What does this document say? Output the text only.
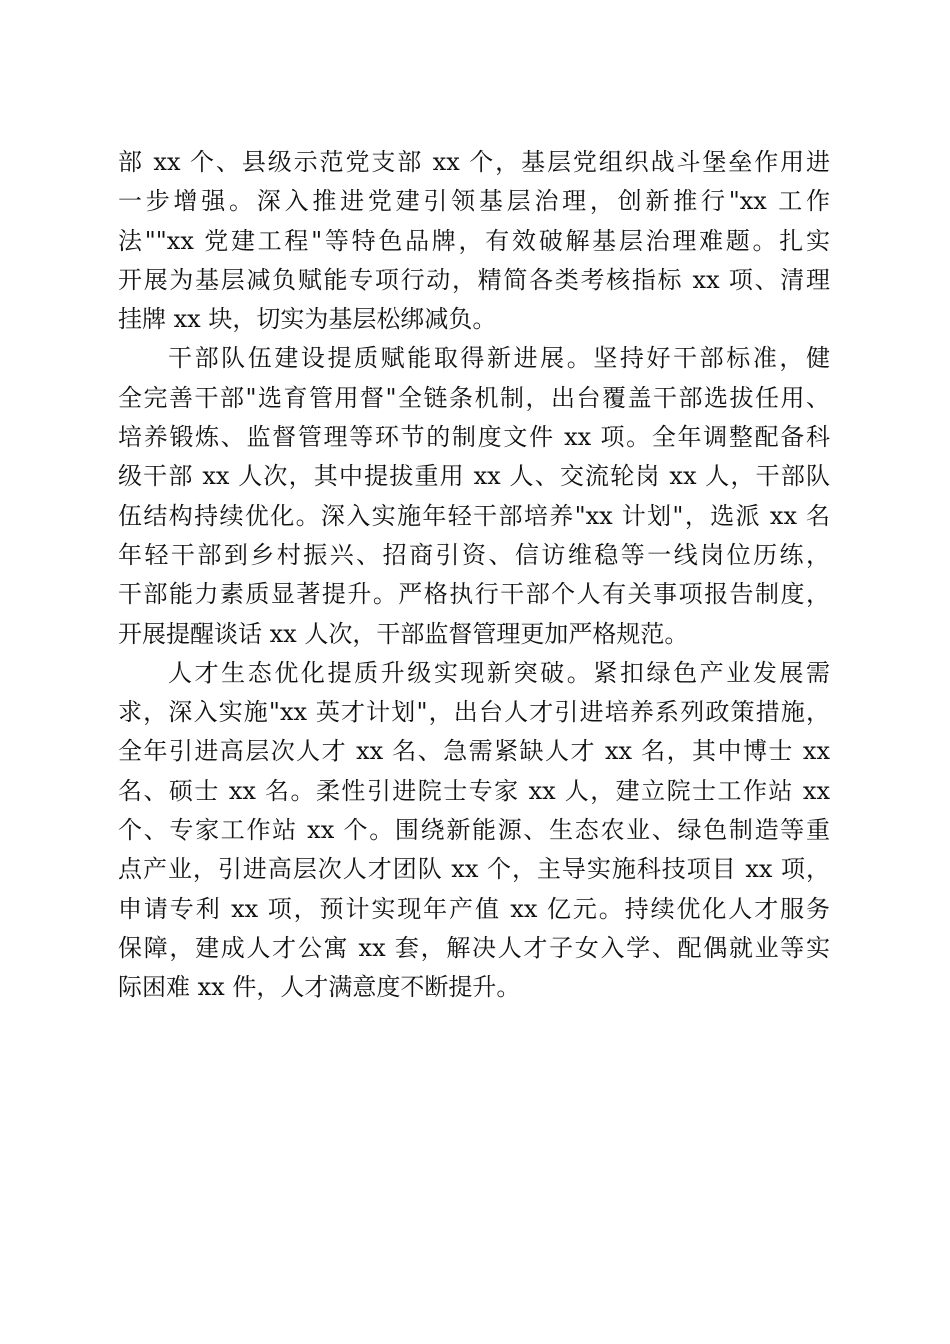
部 xx 个、县级示范党支部 xx 个，基层党组织战斗堡垒作用进
一步增强。深入推进党建引领基层治理，创新推行"xx 工作
法""xx 党建工程"等特色品牌，有效破解基层治理难题。扎实
开展为基层减负赋能专项行动，精简各类考核指标 xx 项、清理
挂牌 xx 块，切实为基层松绑减负。
干部队伍建设提质赋能取得新进展。坚持好干部标准，健
全完善干部"选育管用督"全链条机制，出台覆盖干部选拔任用、
培养锻炼、监督管理等环节的制度文件 xx 项。全年调整配备科
级干部 xx 人次，其中提拔重用 xx 人、交流轮岗 xx 人，干部队
伍结构持续优化。深入实施年轻干部培养"xx 计划"，选派 xx 名
年轻干部到乡村振兴、招商引资、信访维稳等一线岗位历练，
干部能力素质显著提升。严格执行干部个人有关事项报告制度，
开展提醒谈话 xx 人次，干部监督管理更加严格规范。
人才生态优化提质升级实现新突破。紧扣绿色产业发展需
求，深入实施"xx 英才计划"，出台人才引进培养系列政策措施，
全年引进高层次人才 xx 名、急需紧缺人才 xx 名，其中博士 xx
名、硕士 xx 名。柔性引进院士专家 xx 人，建立院士工作站 xx
个、专家工作站 xx 个。围绕新能源、生态农业、绿色制造等重
点产业，引进高层次人才团队 xx 个，主导实施科技项目 xx 项，
申请专利 xx 项，预计实现年产值 xx 亿元。持续优化人才服务
保障，建成人才公寓 xx 套，解决人才子女入学、配偶就业等实
际困难 xx 件，人才满意度不断提升。
